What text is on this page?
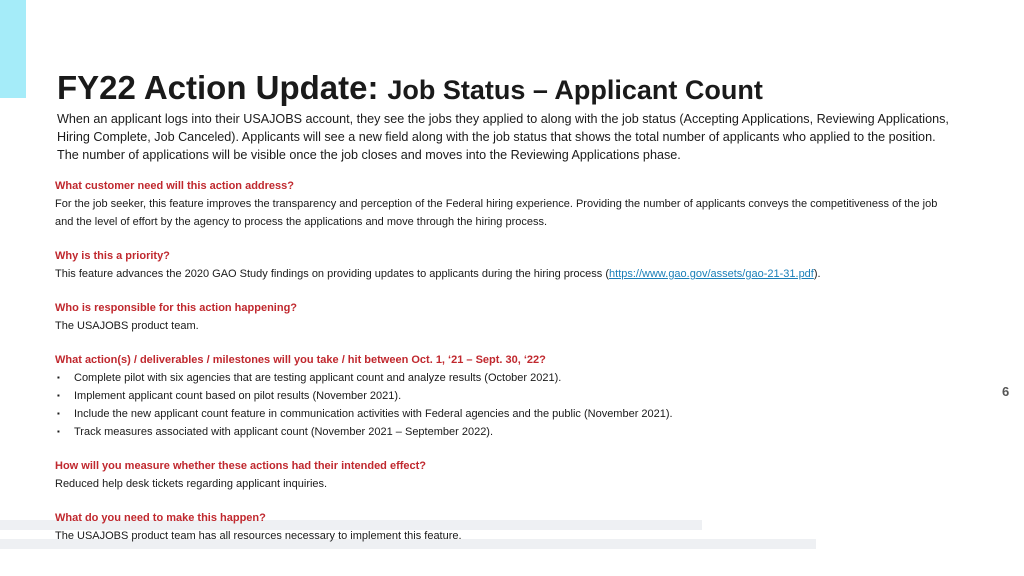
FY22 Action Update: Job Status – Applicant Count

When an applicant logs into their USAJOBS account, they see the jobs they applied to along with the job status (Accepting Applications, Reviewing Applications, Hiring Complete, Job Canceled). Applicants will see a new field along with the job status that shows the total number of applicants who applied to the position. The number of applications will be visible once the job closes and moves into the Reviewing Applications phase.

What customer need will this action address?

For the job seeker, this feature improves the transparency and perception of the Federal hiring experience. Providing the number of applicants conveys the competitiveness of the job and the level of effort by the agency to process the applications and move through the hiring process.

Why is this a priority?

This feature advances the 2020 GAO Study findings on providing updates to applicants during the hiring process (https://www.gao.gov/assets/gao-21-31.pdf).

Who is responsible for this action happening?

The USAJOBS product team.

What action(s) / deliverables / milestones will you take / hit between Oct. 1, ‘21 – Sept. 30, ‘22?

▪ Complete pilot with six agencies that are testing applicant count and analyze results (October 2021).
▪ Implement applicant count based on pilot results (November 2021).
▪ Include the new applicant count feature in communication activities with Federal agencies and the public (November 2021).
▪ Track measures associated with applicant count (November 2021 – September 2022).

How will you measure whether these actions had their intended effect?

Reduced help desk tickets regarding applicant inquiries.

What do you need to make this happen?

The USAJOBS product team has all resources necessary to implement this feature.

6
